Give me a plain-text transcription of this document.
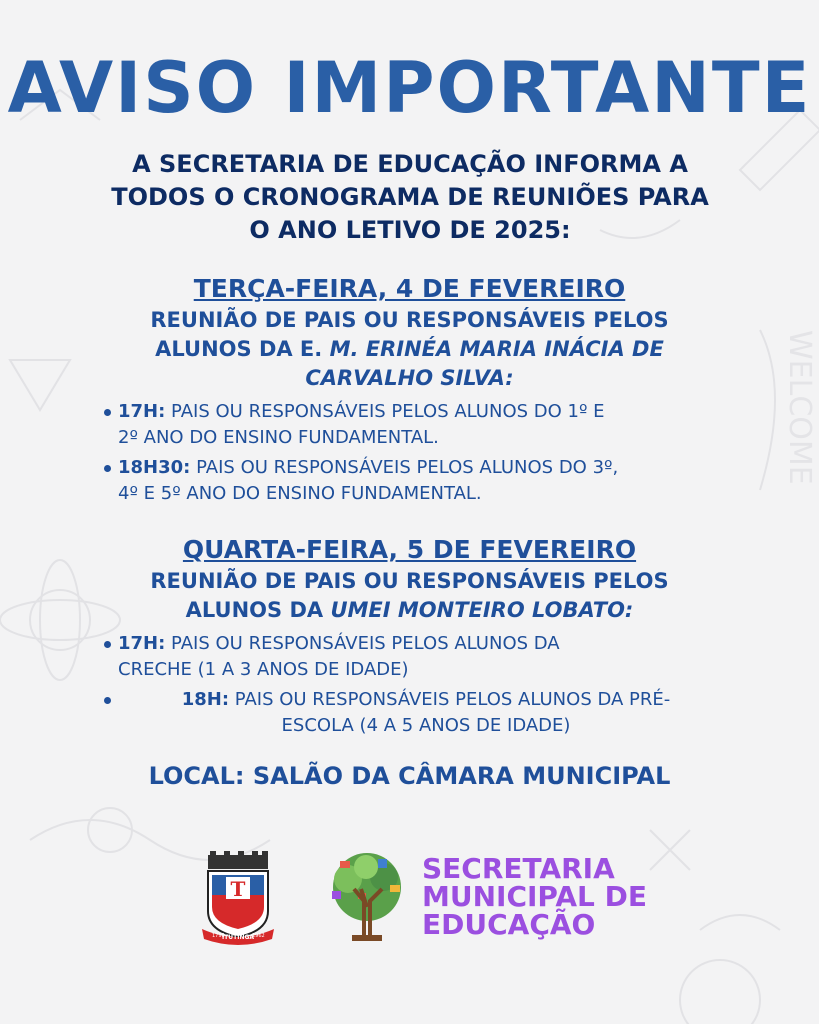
WELCOME
AVISO IMPORTANTE
A SECRETARIA DE EDUCAÇÃO INFORMA A
TODOS O CRONOGRAMA DE REUNIÕES PARA
O ANO LETIVO DE 2025:

TERÇA-FEIRA, 4 DE FEVEREIRO

REUNIÃO DE PAIS OU RESPONSÁVEIS PELOS
ALUNOS DA E. M. ERINÉA MARIA INÁCIA DE
CARVALHO SILVA:
17H: PAIS OU RESPONSÁVEIS PELOS ALUNOS DO 1º E
2º ANO DO ENSINO FUNDAMENTAL.
18H30: PAIS OU RESPONSÁVEIS PELOS ALUNOS DO 3º,
4º E 5º ANO DO ENSINO FUNDAMENTAL.

QUARTA-FEIRA, 5 DE FEVEREIRO

REUNIÃO DE PAIS OU RESPONSÁVEIS PELOS
ALUNOS DA UMEI MONTEIRO LOBATO:
17H: PAIS OU RESPONSÁVEIS PELOS ALUNOS DA
CRECHE (1 A 3 ANOS DE IDADE)
18H: PAIS OU RESPONSÁVEIS PELOS ALUNOS DA PRÉ-
ESCOLA (4 A 5 ANOS DE IDADE)

LOCAL: SALÃO DA CÂMARA MUNICIPAL

T
1790
ITUTINGA
1962
SECRETARIA
MUNICIPAL DE
EDUCAÇÃO
